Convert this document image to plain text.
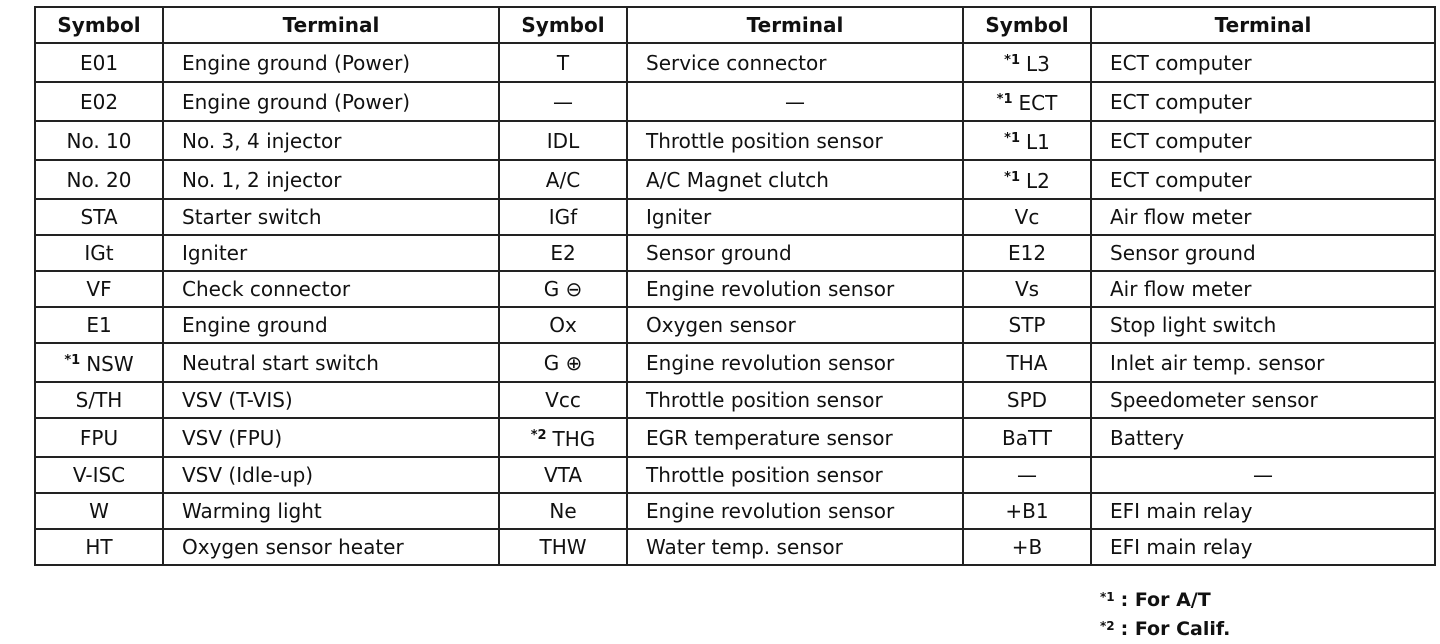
Symbol	Terminal	Symbol	Terminal	Symbol	Terminal
E01	Engine ground (Power)	T	Service connector	$^{*1}$ L3	ECT computer
E02	Engine ground (Power)	—	—	$^{*1}$ ECT	ECT computer
No. 10	No. 3, 4 injector	IDL	Throttle position sensor	$^{*1}$ L1	ECT computer
No. 20	No. 1, 2 injector	A/C	A/C Magnet clutch	$^{*1}$ L2	ECT computer
STA	Starter switch	IGf	Igniter	Vc	Air flow meter
IGt	Igniter	E2	Sensor ground	E12	Sensor ground
VF	Check connector	G ⊖	Engine revolution sensor	Vs	Air flow meter
E1	Engine ground	Ox	Oxygen sensor	STP	Stop light switch
$^{*1}$ NSW	Neutral start switch	G ⊕	Engine revolution sensor	THA	Inlet air temp. sensor
S/TH	VSV (T-VIS)	Vcc	Throttle position sensor	SPD	Speedometer sensor
FPU	VSV (FPU)	$^{*2}$ THG	EGR temperature sensor	BaTT	Battery
V-ISC	VSV (Idle-up)	VTA	Throttle position sensor	—	—
W	Warming light	Ne	Engine revolution sensor	+B1	EFI main relay
HT	Oxygen sensor heater	THW	Water temp. sensor	+B	EFI main relay
$^{*1}$ : For A/T
$^{*2}$ : For Calif.
